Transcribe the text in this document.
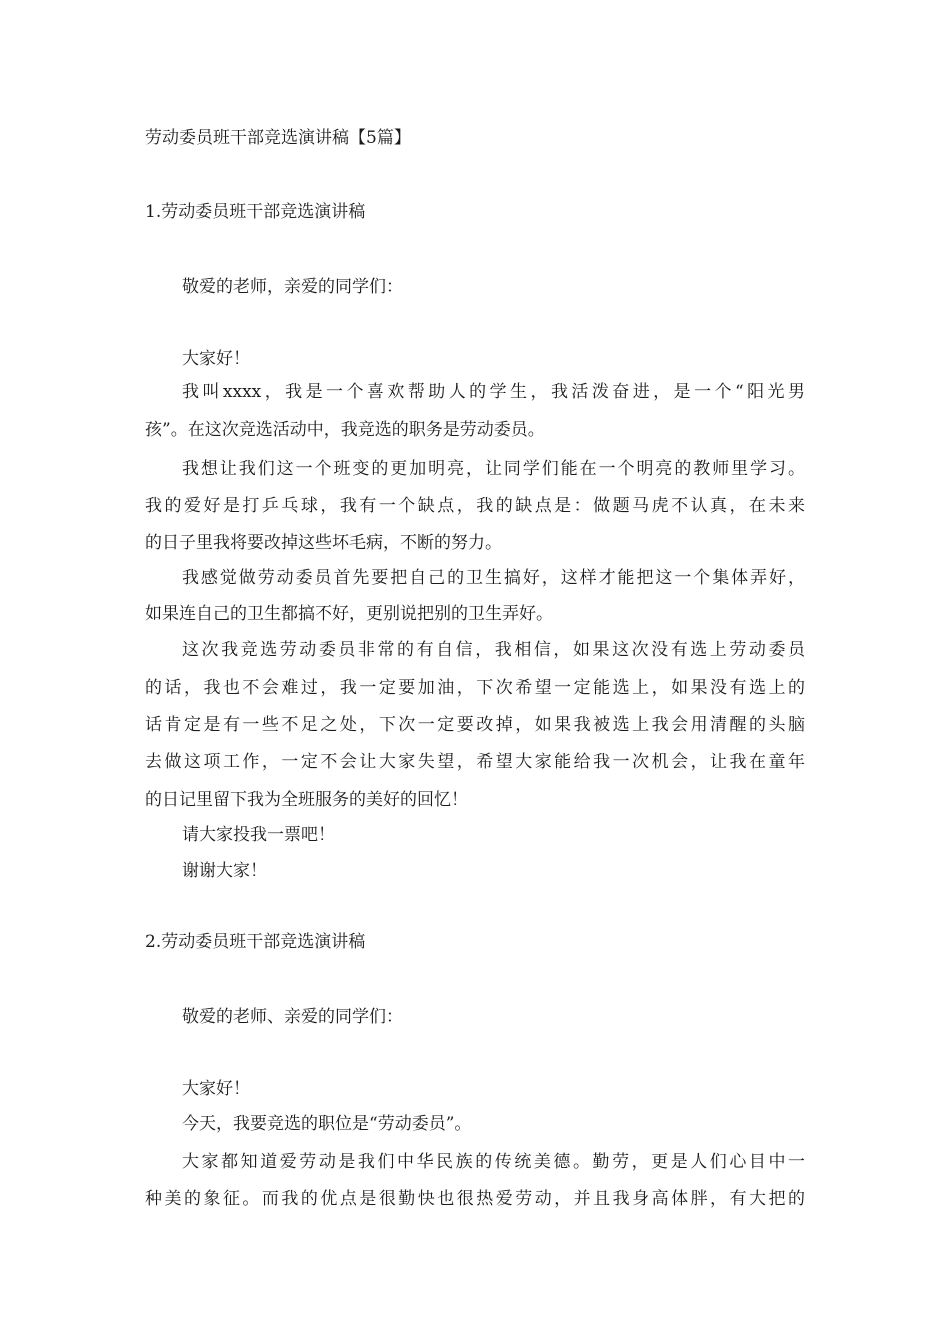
劳动委员班干部竞选演讲稿【5篇】
1.劳动委员班干部竞选演讲稿
敬爱的老师，亲爱的同学们：
大家好！
我叫xxxx，我是一个喜欢帮助人的学生，我活泼奋进，是一个“阳光男
孩”。在这次竞选活动中，我竞选的职务是劳动委员。
我想让我们这一个班变的更加明亮，让同学们能在一个明亮的教师里学习。
我的爱好是打乒乓球，我有一个缺点，我的缺点是：做题马虎不认真，在未来
的日子里我将要改掉这些坏毛病，不断的努力。
我感觉做劳动委员首先要把自己的卫生搞好，这样才能把这一个集体弄好，
如果连自己的卫生都搞不好，更别说把别的卫生弄好。
这次我竞选劳动委员非常的有自信，我相信，如果这次没有选上劳动委员
的话，我也不会难过，我一定要加油，下次希望一定能选上，如果没有选上的
话肯定是有一些不足之处，下次一定要改掉，如果我被选上我会用清醒的头脑
去做这项工作，一定不会让大家失望，希望大家能给我一次机会，让我在童年
的日记里留下我为全班服务的美好的回忆！
请大家投我一票吧！
谢谢大家！
2.劳动委员班干部竞选演讲稿
敬爱的老师、亲爱的同学们：
大家好！
今天，我要竞选的职位是“劳动委员”。
大家都知道爱劳动是我们中华民族的传统美德。勤劳，更是人们心目中一
种美的象征。而我的优点是很勤快也很热爱劳动，并且我身高体胖，有大把的
